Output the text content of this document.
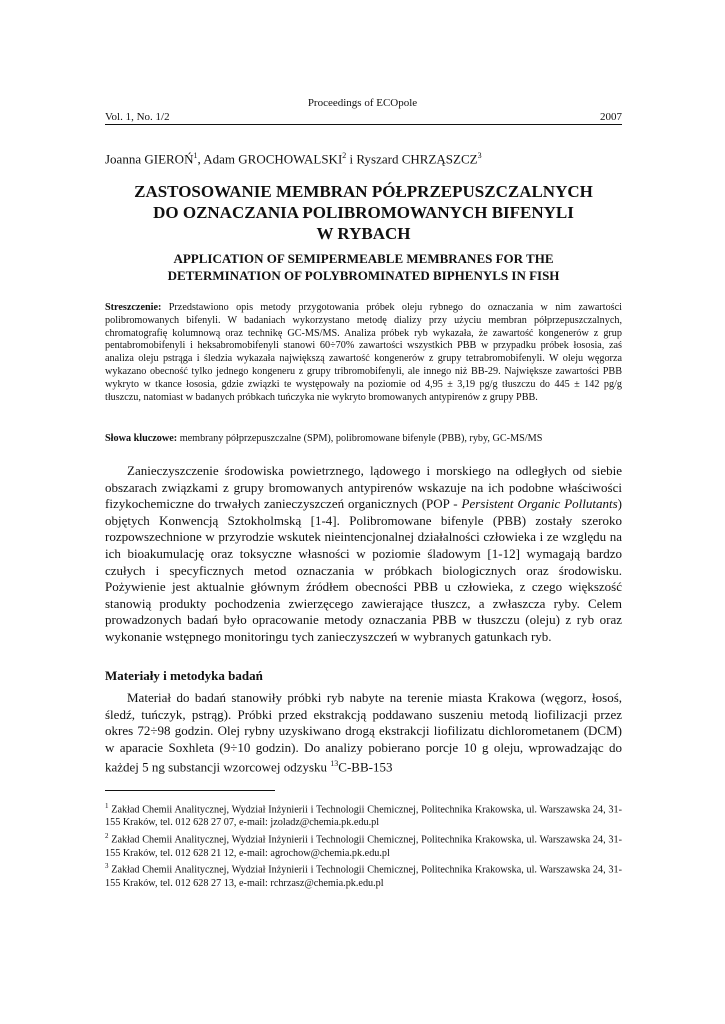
Proceedings of ECOpole
Vol. 1, No. 1/2	2007
Joanna GIEROŃ$^1$, Adam GROCHOWALSKI$^2$ i Ryszard CHRZĄSZCZ$^3$
ZASTOSOWANIE MEMBRAN PÓŁPRZEPUSZCZALNYCH
DO OZNACZANIA POLIBROMOWANYCH BIFENYLI
W RYBACH
APPLICATION OF SEMIPERMEABLE MEMBRANES FOR THE
DETERMINATION OF POLYBROMINATED BIPHENYLS IN FISH
Streszczenie: Przedstawiono opis metody przygotowania próbek oleju rybnego do oznaczania w nim zawartości polibromowanych bifenyli. W badaniach wykorzystano metodę dializy przy użyciu membran półprzepuszczalnych, chromatografię kolumnową oraz technikę GC-MS/MS. Analiza próbek ryb wykazała, że zawartość kongenerów z grup pentabromobifenyli i heksabromobifenyli stanowi 60÷70% zawartości wszystkich PBB w przypadku próbek łososia, zaś analiza oleju pstrąga i śledzia wykazała największą zawartość kongenerów z grupy tetrabromobifenyli. W oleju węgorza wykazano obecność tylko jednego kongeneru z grupy tribromobifenyli, ale innego niż BB-29. Największe zawartości PBB wykryto w tkance łososia, gdzie związki te występowały na poziomie od 4,95 ± 3,19 pg/g tłuszczu do 445 ± 142 pg/g tłuszczu, natomiast w badanych próbkach tuńczyka nie wykryto bromowanych antypirenów z grupy PBB.
Słowa kluczowe: membrany półprzepuszczalne (SPM), polibromowane bifenyle (PBB), ryby, GC-MS/MS
Zanieczyszczenie środowiska powietrznego, lądowego i morskiego na odległych od siebie obszarach związkami z grupy bromowanych antypirenów wskazuje na ich podobne właściwości fizykochemiczne do trwałych zanieczyszczeń organicznych (POP - Persistent Organic Pollutants) objętych Konwencją Sztokholmską [1-4]. Polibromowane bifenyle (PBB) zostały szeroko rozpowszechnione w przyrodzie wskutek nieintencjonalnej działalności człowieka i ze względu na ich bioakumulację oraz toksyczne własności w poziomie śladowym [1-12] wymagają bardzo czułych i specyficznych metod oznaczania w próbkach biologicznych oraz środowisku. Pożywienie jest aktualnie głównym źródłem obecności PBB u człowieka, z czego większość stanowią produkty pochodzenia zwierzęcego zawierające tłuszcz, a zwłaszcza ryby. Celem prowadzonych badań było opracowanie metody oznaczania PBB w tłuszczu (oleju) z ryb oraz wykonanie wstępnego monitoringu tych zanieczyszczeń w wybranych gatunkach ryb.
Materiały i metodyka badań
Materiał do badań stanowiły próbki ryb nabyte na terenie miasta Krakowa (węgorz, łosoś, śledź, tuńczyk, pstrąg). Próbki przed ekstrakcją poddawano suszeniu metodą liofilizacji przez okres 72÷98 godzin. Olej rybny uzyskiwano drogą ekstrakcji liofilizatu dichlorometanem (DCM) w aparacie Soxhleta (9÷10 godzin). Do analizy pobierano porcje 10 g oleju, wprowadzając do każdej 5 ng substancji wzorcowej odzysku $^{13}$C-BB-153

$^1$ Zakład Chemii Analitycznej, Wydział Inżynierii i Technologii Chemicznej, Politechnika Krakowska, ul. Warszawska 24, 31-155 Kraków, tel. 012 628 27 07, e-mail: jzoladz@chemia.pk.edu.pl

$^2$ Zakład Chemii Analitycznej, Wydział Inżynierii i Technologii Chemicznej, Politechnika Krakowska, ul. Warszawska 24, 31-155 Kraków, tel. 012 628 21 12, e-mail: agrochow@chemia.pk.edu.pl

$^3$ Zakład Chemii Analitycznej, Wydział Inżynierii i Technologii Chemicznej, Politechnika Krakowska, ul. Warszawska 24, 31-155 Kraków, tel. 012 628 27 13, e-mail: rchrzasz@chemia.pk.edu.pl
